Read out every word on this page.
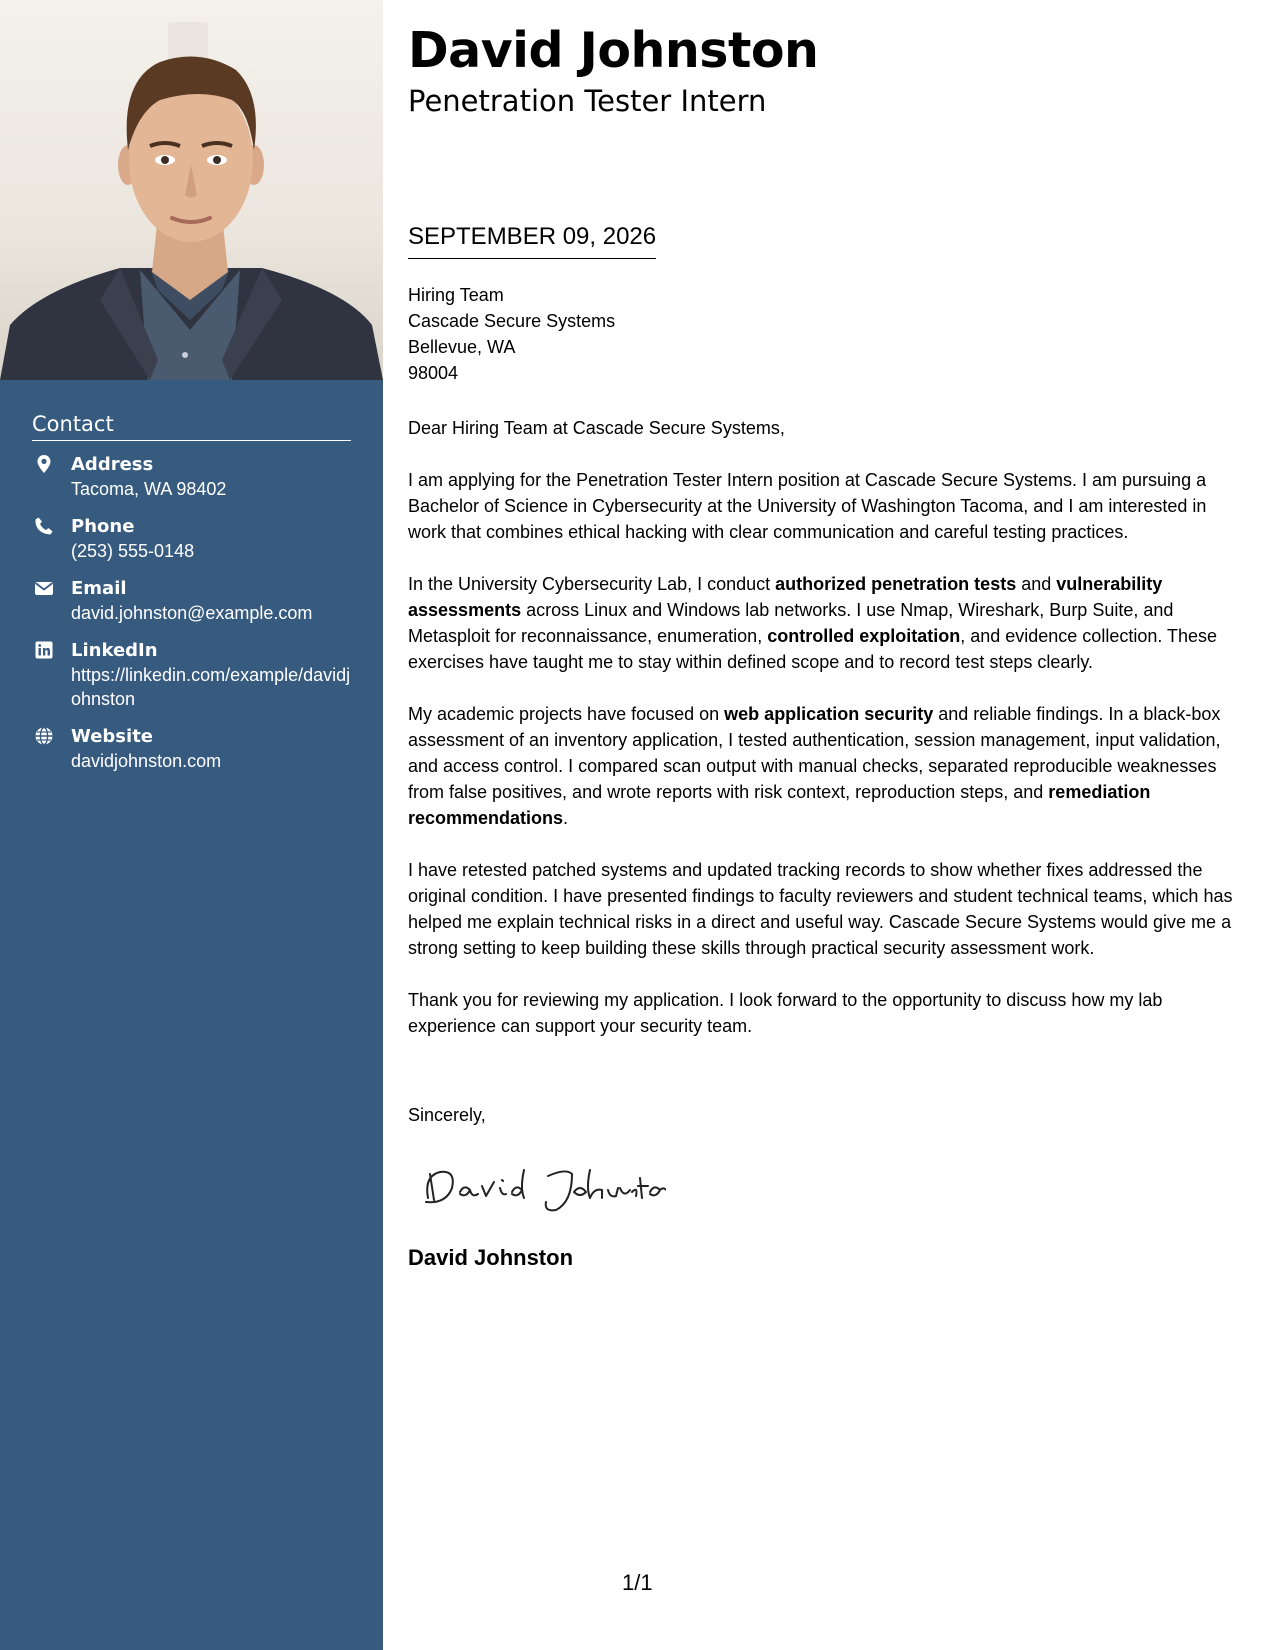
Contact
Address
Tacoma, WA 98402
Phone
(253) 555-0148
Email
david.johnston@example.com
LinkedIn
https://linkedin.com/example/davidjohnston
Website
davidjohnston.com
David Johnston
Penetration Tester Intern
SEPTEMBER 09, 2026
Hiring Team
Cascade Secure Systems
Bellevue, WA
98004

Dear Hiring Team at Cascade Secure Systems,

I am applying for the Penetration Tester Intern position at Cascade Secure Systems. I am pursuing a Bachelor of Science in Cybersecurity at the University of Washington Tacoma, and I am interested in work that combines ethical hacking with clear communication and careful testing practices.

In the University Cybersecurity Lab, I conduct authorized penetration tests and vulnerability assessments across Linux and Windows lab networks. I use Nmap, Wireshark, Burp Suite, and Metasploit for reconnaissance, enumeration, controlled exploitation, and evidence collection. These exercises have taught me to stay within defined scope and to record test steps clearly.

My academic projects have focused on web application security and reliable findings. In a black-box assessment of an inventory application, I tested authentication, session management, input validation, and access control. I compared scan output with manual checks, separated reproducible weaknesses from false positives, and wrote reports with risk context, reproduction steps, and remediation recommendations.

I have retested patched systems and updated tracking records to show whether fixes addressed the original condition. I have presented findings to faculty reviewers and student technical teams, which has helped me explain technical risks in a direct and useful way. Cascade Secure Systems would give me a strong setting to keep building these skills through practical security assessment work.

Thank you for reviewing my application. I look forward to the opportunity to discuss how my lab experience can support your security team.

Sincerely,
David Johnston
1/1
